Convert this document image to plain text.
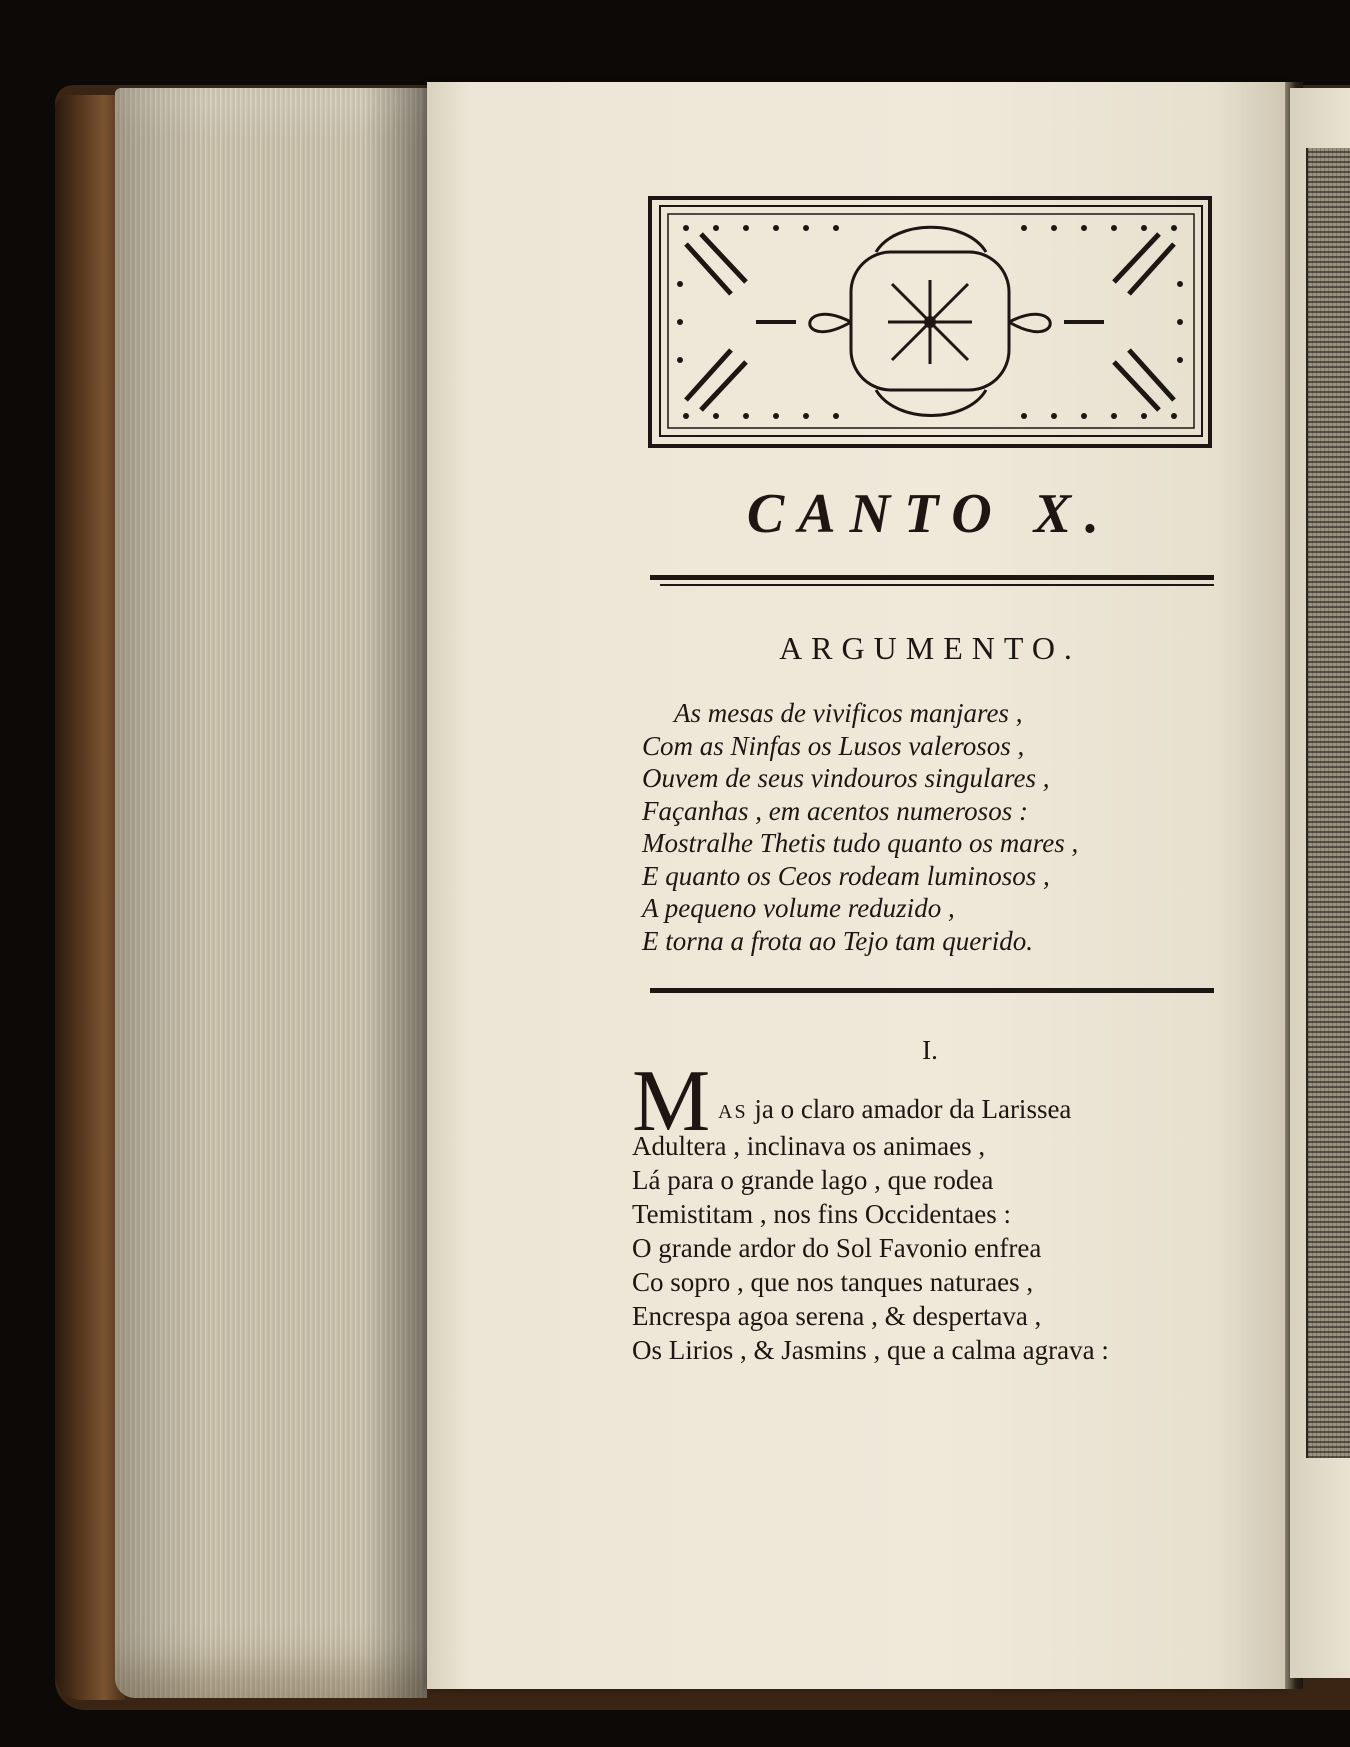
CANTO X.
ARGUMENTO.
As mesas de vivificos manjares ,
Com as Ninfas os Lusos valerosos ,
Ouvem de seus vindouros singulares ,
Façanhas , em acentos numerosos :
Mostralhe Thetis tudo quanto os mares ,
E quanto os Ceos rodeam luminosos ,
A pequeno volume reduzido ,
E torna a frota ao Tejo tam querido.
I.
M AS ja o claro amador da Larissea
Adultera , inclinava os animaes ,
Lá para o grande lago , que rodea
Temistitam , nos fins Occidentaes :
O grande ardor do Sol Favonio enfrea
Co sopro , que nos tanques naturaes ,
Encrespa agoa serena , & despertava ,
Os Lirios , & Jasmins , que a calma agrava :
